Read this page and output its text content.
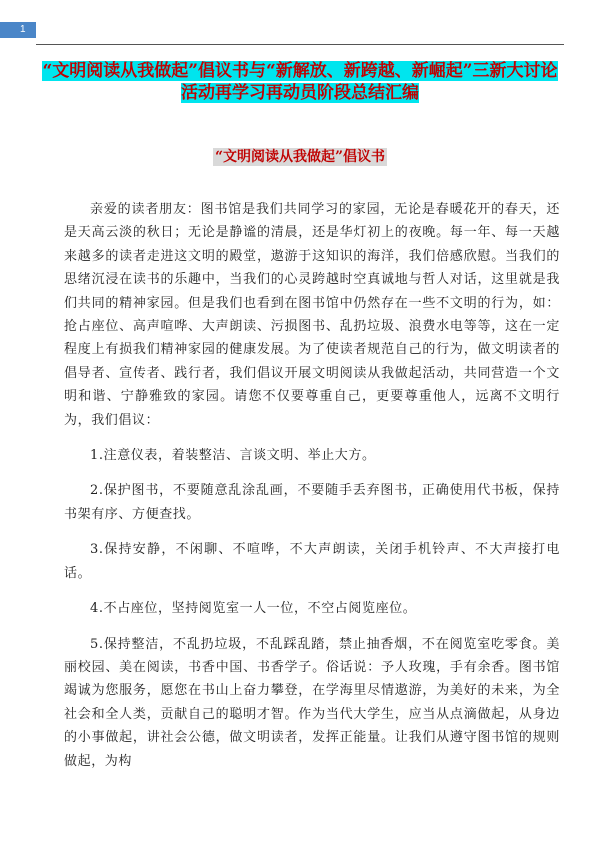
1
“文明阅读从我做起”倡议书与“新解放、新跨越、新崛起”三新大讨论活动再学习再动员阶段总结汇编
“文明阅读从我做起”倡议书

亲爱的读者朋友：图书馆是我们共同学习的家园，无论是春暖花开的春天，还是天高云淡的秋日；无论是静谧的清晨，还是华灯初上的夜晚。每一年、每一天越来越多的读者走进这文明的殿堂，遨游于这知识的海洋，我们倍感欣慰。当我们的思绪沉浸在读书的乐趣中，当我们的心灵跨越时空真诚地与哲人对话，这里就是我们共同的精神家园。但是我们也看到在图书馆中仍然存在一些不文明的行为，如：抢占座位、高声喧哗、大声朗读、污损图书、乱扔垃圾、浪费水电等等，这在一定程度上有损我们精神家园的健康发展。为了使读者规范自己的行为，做文明读者的倡导者、宣传者、践行者，我们倡议开展文明阅读从我做起活动，共同营造一个文明和谐、宁静雅致的家园。请您不仅要尊重自己，更要尊重他人，远离不文明行为，我们倡议：

1.注意仪表，着装整洁、言谈文明、举止大方。

2.保护图书，不要随意乱涂乱画，不要随手丢弃图书，正确使用代书板，保持书架有序、方便查找。

3.保持安静，不闲聊、不喧哗，不大声朗读，关闭手机铃声、不大声接打电话。

4.不占座位，坚持阅览室一人一位，不空占阅览座位。

5.保持整洁，不乱扔垃圾，不乱踩乱踏，禁止抽香烟，不在阅览室吃零食。美丽校园、美在阅读，书香中国、书香学子。俗话说：予人玫瑰，手有余香。图书馆竭诚为您服务，愿您在书山上奋力攀登，在学海里尽情遨游，为美好的未来，为全社会和全人类，贡献自己的聪明才智。作为当代大学生，应当从点滴做起，从身边的小事做起，讲社会公德，做文明读者，发挥正能量。让我们从遵守图书馆的规则做起，为构
